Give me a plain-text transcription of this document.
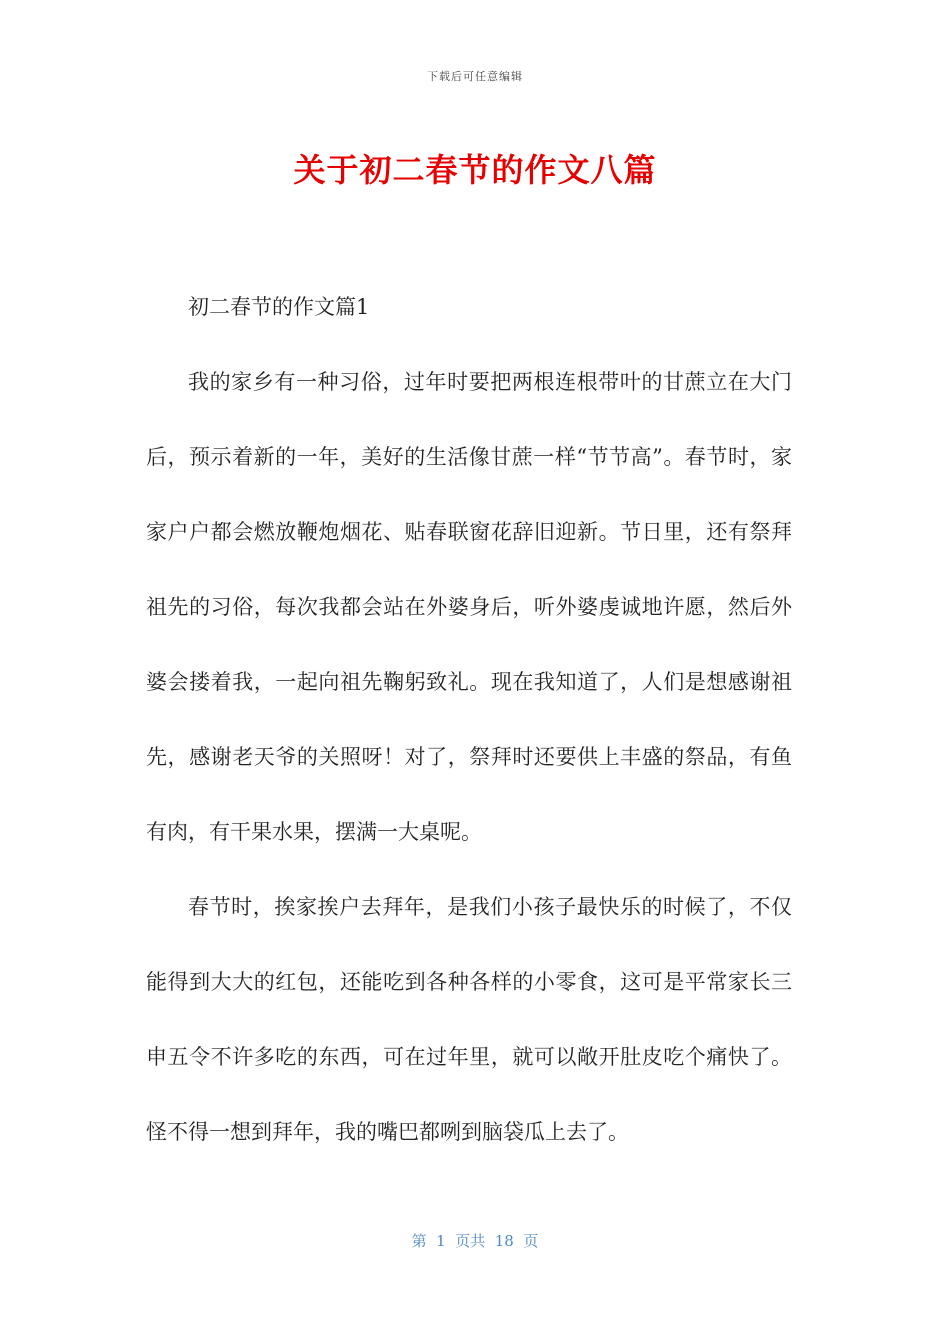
下载后可任意编辑
关于初二春节的作文八篇

初二春节的作文篇1

我的家乡有一种习俗，过年时要把两根连根带叶的甘蔗立在大门后，预示着新的一年，美好的生活像甘蔗一样“节节高”。春节时，家家户户都会燃放鞭炮烟花、贴春联窗花辞旧迎新。节日里，还有祭拜祖先的习俗，每次我都会站在外婆身后，听外婆虔诚地许愿，然后外婆会搂着我，一起向祖先鞠躬致礼。现在我知道了，人们是想感谢祖先，感谢老天爷的关照呀！对了，祭拜时还要供上丰盛的祭品，有鱼有肉，有干果水果，摆满一大桌呢。

春节时，挨家挨户去拜年，是我们小孩子最快乐的时候了，不仅能得到大大的红包，还能吃到各种各样的小零食，这可是平常家长三申五令不许多吃的东西，可在过年里，就可以敞开肚皮吃个痛快了。怪不得一想到拜年，我的嘴巴都咧到脑袋瓜上去了。

第  1  页共  18  页
